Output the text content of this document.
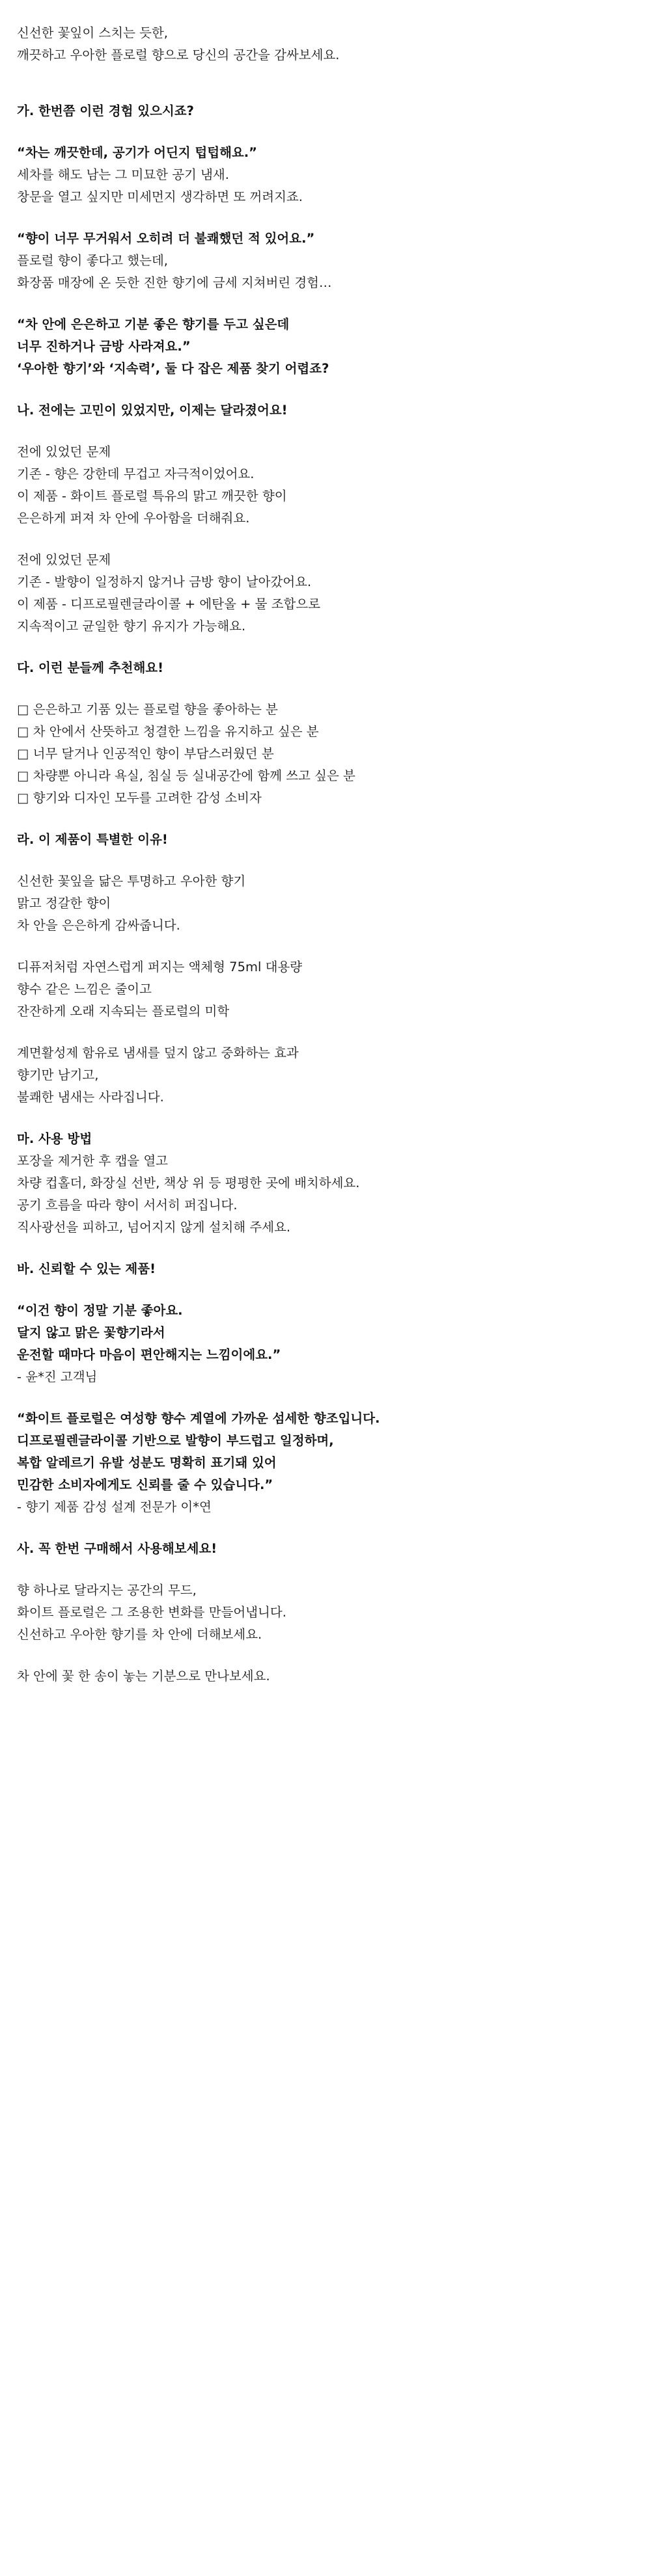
신선한 꽃잎이 스치는 듯한,
깨끗하고 우아한 플로럴 향으로 당신의 공간을 감싸보세요.
가. 한번쯤 이런 경험 있으시죠?
“차는 깨끗한데, 공기가 어딘지 텁텁해요.”
세차를 해도 남는 그 미묘한 공기 냄새.
창문을 열고 싶지만 미세먼지 생각하면 또 꺼려지죠.
“향이 너무 무거워서 오히려 더 불쾌했던 적 있어요.”
플로럴 향이 좋다고 했는데,
화장품 매장에 온 듯한 진한 향기에 금세 지쳐버린 경험…
“차 안에 은은하고 기분 좋은 향기를 두고 싶은데
너무 진하거나 금방 사라져요.”
‘우아한 향기’와 ‘지속력’, 둘 다 잡은 제품 찾기 어렵죠?
나. 전에는 고민이 있었지만, 이제는 달라졌어요!
전에 있었던 문제
기존 - 향은 강한데 무겁고 자극적이었어요.
이 제품 - 화이트 플로럴 특유의 맑고 깨끗한 향이
은은하게 퍼져 차 안에 우아함을 더해줘요.
전에 있었던 문제
기존 - 발향이 일정하지 않거나 금방 향이 날아갔어요.
이 제품 - 디프로필렌글라이콜 + 에탄올 + 물 조합으로
지속적이고 균일한 향기 유지가 가능해요.
다. 이런 분들께 추천해요!
□ 은은하고 기품 있는 플로럴 향을 좋아하는 분
□ 차 안에서 산뜻하고 청결한 느낌을 유지하고 싶은 분
□ 너무 달거나 인공적인 향이 부담스러웠던 분
□ 차량뿐 아니라 욕실, 침실 등 실내공간에 함께 쓰고 싶은 분
□ 향기와 디자인 모두를 고려한 감성 소비자
라. 이 제품이 특별한 이유!
신선한 꽃잎을 닮은 투명하고 우아한 향기
맑고 정갈한 향이
차 안을 은은하게 감싸줍니다.
디퓨저처럼 자연스럽게 퍼지는 액체형 75ml 대용량
향수 같은 느낌은 줄이고
잔잔하게 오래 지속되는 플로럴의 미학
계면활성제 함유로 냄새를 덮지 않고 중화하는 효과
향기만 남기고,
불쾌한 냄새는 사라집니다.
마. 사용 방법
포장을 제거한 후 캡을 열고
차량 컵홀더, 화장실 선반, 책상 위 등 평평한 곳에 배치하세요.
공기 흐름을 따라 향이 서서히 퍼집니다.
직사광선을 피하고, 넘어지지 않게 설치해 주세요.
바. 신뢰할 수 있는 제품!
“이건 향이 정말 기분 좋아요.
달지 않고 맑은 꽃향기라서
운전할 때마다 마음이 편안해지는 느낌이에요.”
- 윤*진 고객님
“화이트 플로럴은 여성향 향수 계열에 가까운 섬세한 향조입니다.
디프로필렌글라이콜 기반으로 발향이 부드럽고 일정하며,
복합 알레르기 유발 성분도 명확히 표기돼 있어
민감한 소비자에게도 신뢰를 줄 수 있습니다.”
- 향기 제품 감성 설계 전문가 이*연
사. 꼭 한번 구매해서 사용해보세요!
향 하나로 달라지는 공간의 무드,
화이트 플로럴은 그 조용한 변화를 만들어냅니다.
신선하고 우아한 향기를 차 안에 더해보세요.
차 안에 꽃 한 송이 놓는 기분으로 만나보세요.
